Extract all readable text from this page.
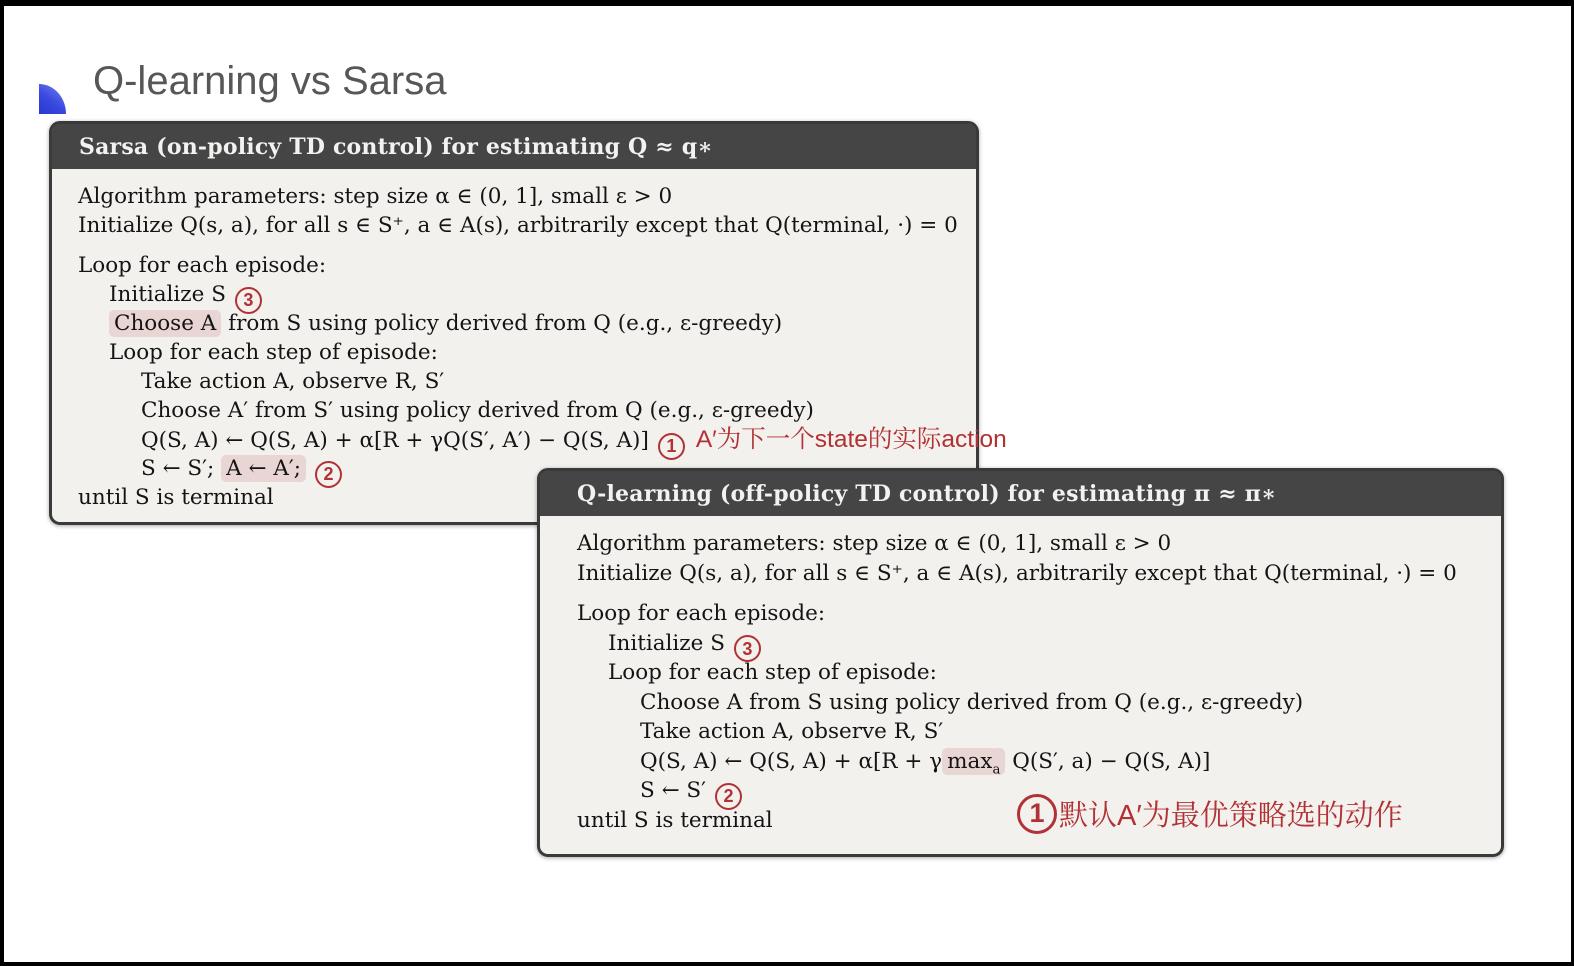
Q-learning vs Sarsa
Sarsa (on-policy TD control) for estimating Q ≈ q∗
Algorithm parameters: step size α ∈ (0, 1], small ε > 0
Initialize Q(s, a), for all s ∈ S⁺, a ∈ A(s), arbitrarily except that Q(terminal, ·) = 0
Loop for each episode:
Initialize S 3
Choose A from S using policy derived from Q (e.g., ε-greedy)
Loop for each step of episode:
Take action A, observe R, S′
Choose A′ from S′ using policy derived from Q (e.g., ε-greedy)
Q(S, A) ← Q(S, A) + α[R + γQ(S′, A′) − Q(S, A)] 1 A′为下一个state的实际action
S ← S′; A ← A′; 2
until S is terminal	Q-learning (off-policy TD control) for estimating π ≈ π∗
Algorithm parameters: step size α ∈ (0, 1], small ε > 0
Initialize Q(s, a), for all s ∈ S⁺, a ∈ A(s), arbitrarily except that Q(terminal, ·) = 0
Loop for each episode:
Initialize S 3
Loop for each step of episode:
Choose A from S using policy derived from Q (e.g., ε-greedy)
Take action A, observe R, S′
Q(S, A) ← Q(S, A) + α[R + γ $\max_a Q(S'$, a) − Q(S, A)]
S ← S′ 2
until S is terminal	1 默认A′为最优策略选的动作
